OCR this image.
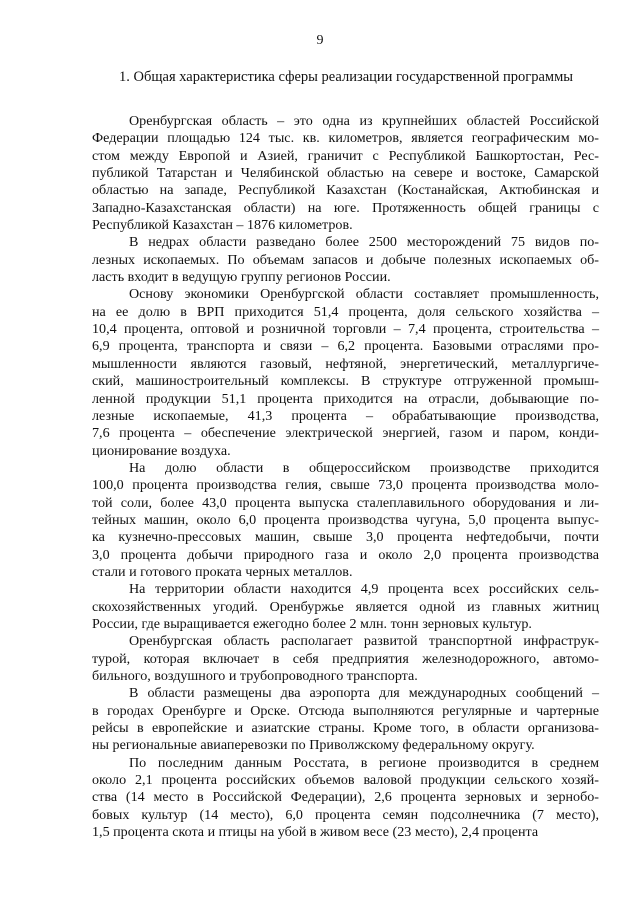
9
1. Общая характеристика сферы реализации государственной программы

Оренбургская область – это одна из крупнейших областей Российской
Федерации площадью 124 тыс. кв. километров, является географическим мо-
стом между Европой и Азией, граничит с Республикой Башкортостан, Рес-
публикой Татарстан и Челябинской областью на севере и востоке, Самарской
областью на западе, Республикой Казахстан (Костанайская, Актюбинская и
Западно-Казахстанская области) на юге. Протяженность общей границы с
Республикой Казахстан – 1876 километров.

В недрах области разведано более 2500 месторождений 75 видов по-
лезных ископаемых. По объемам запасов и добыче полезных ископаемых об-
ласть входит в ведущую группу регионов России.

Основу экономики Оренбургской области составляет промышленность,
на ее долю в ВРП приходится 51,4 процента, доля сельского хозяйства –
10,4 процента, оптовой и розничной торговли – 7,4 процента, строительства –
6,9 процента, транспорта и связи – 6,2 процента. Базовыми отраслями про-
мышленности являются газовый, нефтяной, энергетический, металлургиче-
ский, машиностроительный комплексы. В структуре отгруженной промыш-
ленной продукции 51,1 процента приходится на отрасли, добывающие по-
лезные ископаемые, 41,3 процента – обрабатывающие производства,
7,6 процента – обеспечение электрической энергией, газом и паром, конди-
ционирование воздуха.

На долю области в общероссийском производстве приходится
100,0 процента производства гелия, свыше 73,0 процента производства моло-
той соли, более 43,0 процента выпуска сталеплавильного оборудования и ли-
тейных машин, около 6,0 процента производства чугуна, 5,0 процента выпус-
ка кузнечно-прессовых машин, свыше 3,0 процента нефтедобычи, почти
3,0 процента добычи природного газа и около 2,0 процента производства
стали и готового проката черных металлов.

На территории области находится 4,9 процента всех российских сель-
скохозяйственных угодий. Оренбуржье является одной из главных житниц
России, где выращивается ежегодно более 2 млн. тонн зерновых культур.

Оренбургская область располагает развитой транспортной инфраструк-
турой, которая включает в себя предприятия железнодорожного, автомо-
бильного, воздушного и трубопроводного транспорта.

В области размещены два аэропорта для международных сообщений –
в городах Оренбурге и Орске. Отсюда выполняются регулярные и чартерные
рейсы в европейские и азиатские страны. Кроме того, в области организова-
ны региональные авиаперевозки по Приволжскому федеральному округу.

По последним данным Росстата, в регионе производится в среднем
около 2,1 процента российских объемов валовой продукции сельского хозяй-
ства (14 место в Российской Федерации), 2,6 процента зерновых и зернобо-
бовых культур (14 место), 6,0 процента семян подсолнечника (7 место),
1,5 процента скота и птицы на убой в живом весе (23 место), 2,4 процента
